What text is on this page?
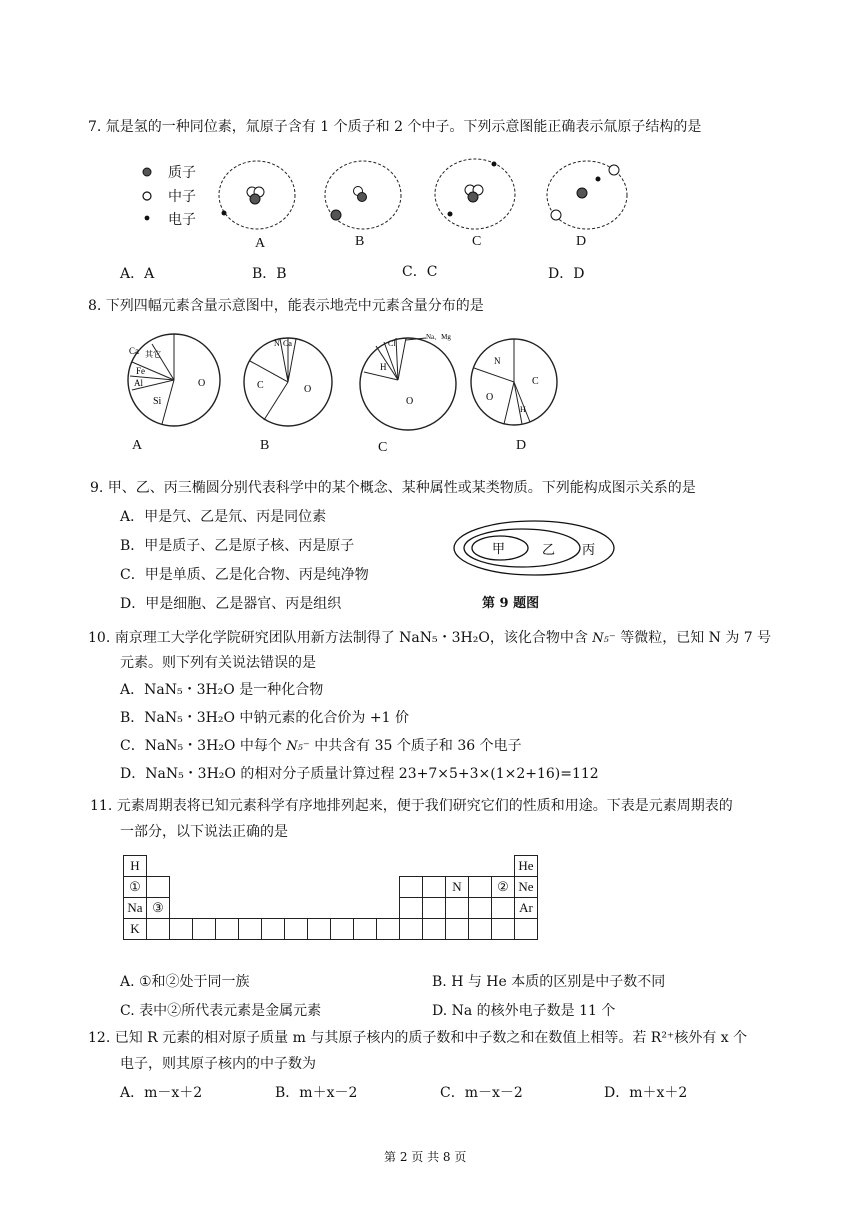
7. 氚是氢的一种同位素，氚原子含有 1 个质子和 2 个中子。下列示意图能正确表示氚原子结构的是
质子
中子
电子
A	B	C	D
A．A	B．B	C．C	D．D
8. 下列四幅元素含量示意图中，能表示地壳中元素含量分布的是
Ca 其它
Fe
Al	O
Si
N Ca
C	O
Cl
Na、Mg
H
O
N
C
O
H
A	B	C	D
9. 甲、乙、丙三椭圆分别代表科学中的某个概念、某种属性或某类物质。下列能构成图示关系的是
A．甲是氕、乙是氘、丙是同位素
B．甲是质子、乙是原子核、丙是原子
C．甲是单质、乙是化合物、丙是纯净物
D．甲是细胞、乙是器官、丙是组织
甲	乙 丙
第 9 题图
10. 南京理工大学化学院研究团队用新方法制得了 NaN₅・3H₂O，该化合物中含 N₅⁻ 等微粒，已知 N 为 7 号
元素。则下列有关说法错误的是
A．NaN₅・3H₂O 是一种化合物
B．NaN₅・3H₂O 中钠元素的化合价为 +1 价
C．NaN₅・3H₂O 中每个 N₅⁻ 中共含有 35 个质子和 36 个电子
D．NaN₅・3H₂O 的相对分子质量计算过程 23+7×5+3×(1×2+16)=112
11. 元素周期表将已知元素科学有序地排列起来，便于我们研究它们的性质和用途。下表是元素周期表的
一部分，以下说法正确的是
H																	He
①														N		②	Ne
Na	③																Ar
K																	
A. ①和②处于同一族	B. H 与 He 本质的区别是中子数不同
C. 表中②所代表元素是金属元素	D. Na 的核外电子数是 11 个
12. 已知 R 元素的相对原子质量 m 与其原子核内的质子数和中子数之和在数值上相等。若 R²⁺核外有 x 个
电子，则其原子核内的中子数为
A．m－x＋2	B．m＋x－2	C．m－x－2	D．m＋x＋2
第 2 页 共 8 页
